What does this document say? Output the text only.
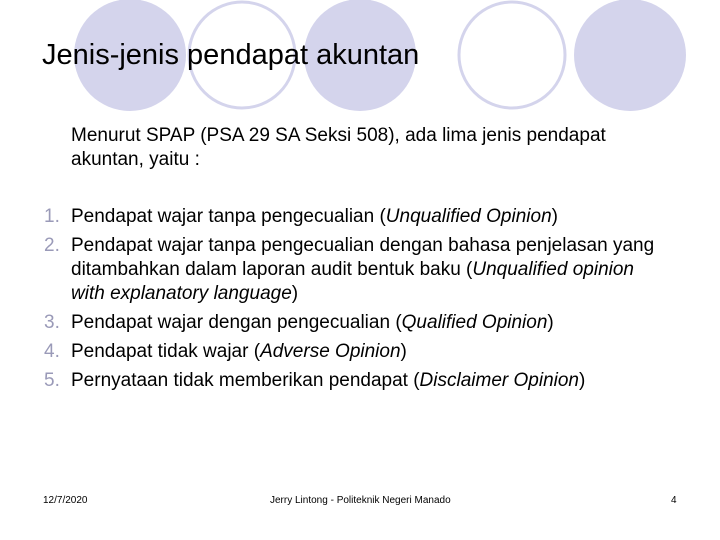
Jenis-jenis pendapat akuntan
Menurut SPAP (PSA 29 SA Seksi 508), ada lima jenis pendapat akuntan, yaitu :
1. Pendapat wajar tanpa pengecualian (Unqualified Opinion)
2. Pendapat wajar tanpa pengecualian dengan bahasa penjelasan yang ditambahkan dalam laporan audit bentuk baku (Unqualified opinion with explanatory language)
3. Pendapat wajar dengan pengecualian (Qualified Opinion)
4. Pendapat tidak wajar (Adverse Opinion)
5. Pernyataan tidak memberikan pendapat (Disclaimer Opinion)
12/7/2020	Jerry Lintong - Politeknik Negeri Manado	4
